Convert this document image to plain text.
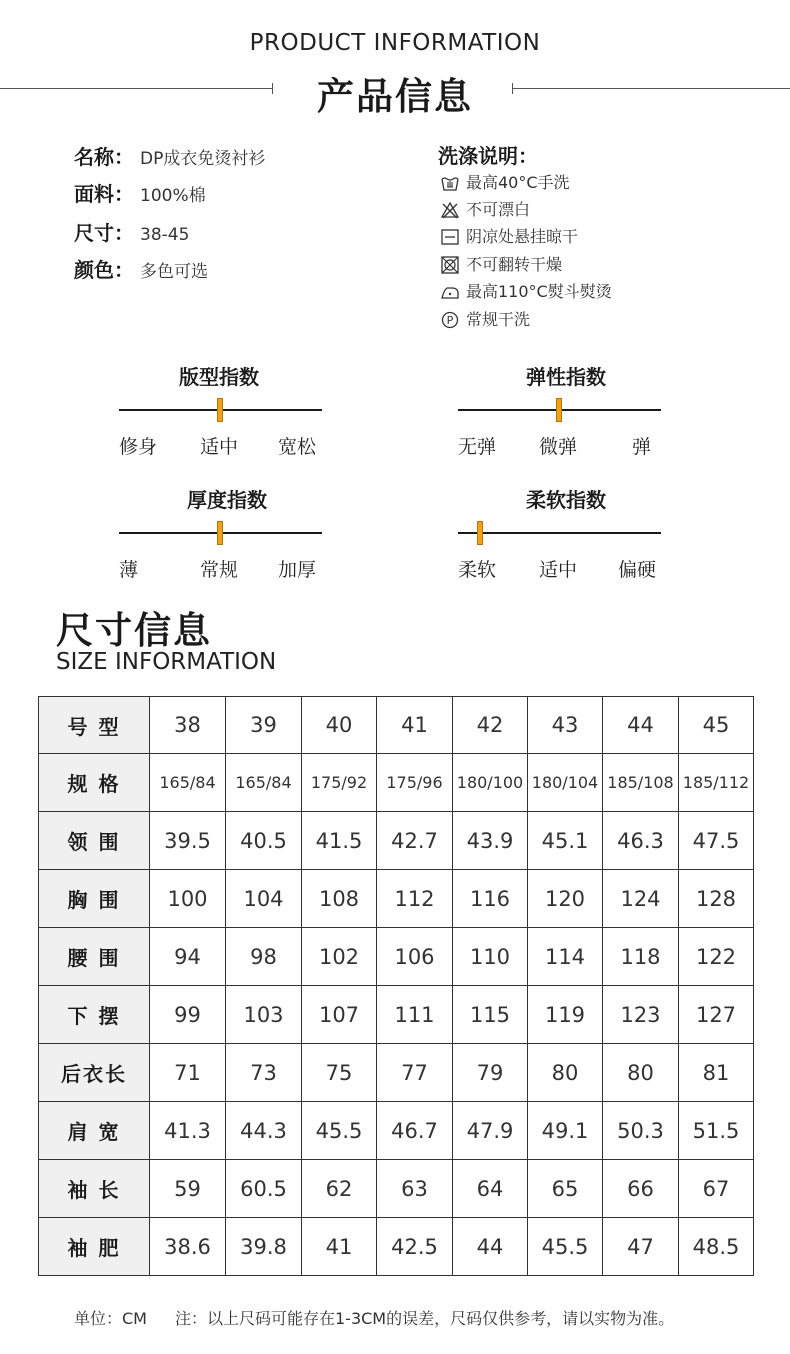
PRODUCT INFORMATION
产品信息
名称： DP成衣免烫衬衫
面料： 100%棉
尺寸： 38-45
颜色： 多色可选
洗涤说明：
最高40°C手洗
不可漂白
阴凉处悬挂晾干
不可翻转干燥
最高110°C熨斗熨烫
P 常规干洗
版型指数
修身 适中 宽松
弹性指数
无弹 微弹	弹
厚度指数
薄	常规 加厚
柔软指数
柔软 适中 偏硬
尺寸信息
SIZE INFORMATION
号 型	38	39	40	41	42	43	44	45
规 格	165/84	165/84	175/92	175/96	180/100	180/104	185/108	185/112
领 围	39.5	40.5	41.5	42.7	43.9	45.1	46.3	47.5
胸 围	100	104	108	112	116	120	124	128
腰 围	94	98	102	106	110	114	118	122
下 摆	99	103	107	111	115	119	123	127
后衣长	71	73	75	77	79	80	80	81
肩 宽	41.3	44.3	45.5	46.7	47.9	49.1	50.3	51.5
袖 长	59	60.5	62	63	64	65	66	67
袖 肥	38.6	39.8	41	42.5	44	45.5	47	48.5
单位：CM 注：以上尺码可能存在1-3CM的误差，尺码仅供参考，请以实物为准。
